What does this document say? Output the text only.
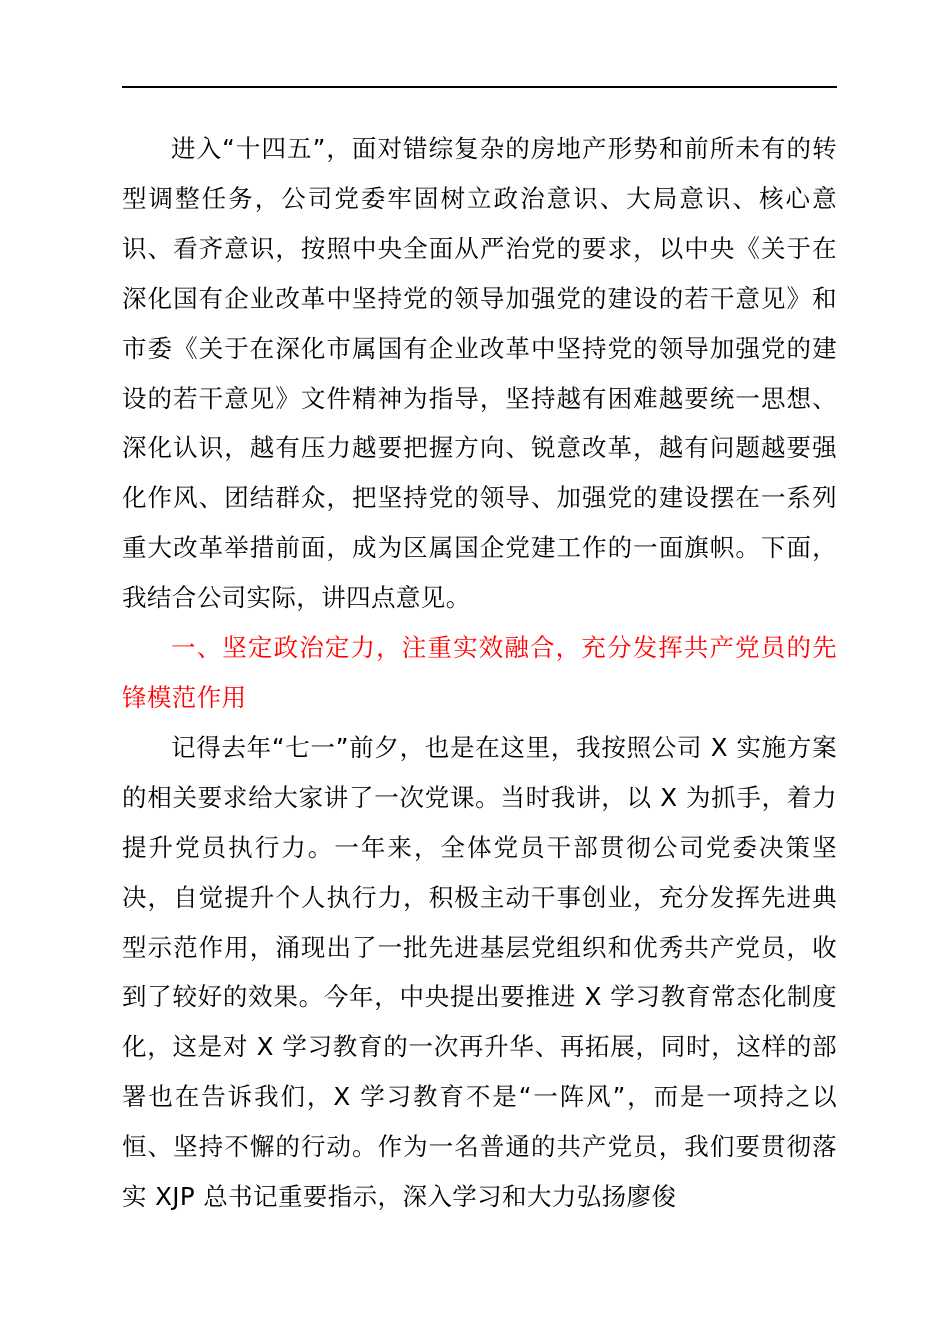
进入“十四五”，面对错综复杂的房地产形势和前所未有的转型调整任务，公司党委牢固树立政治意识、大局意识、核心意识、看齐意识，按照中央全面从严治党的要求，以中央《关于在深化国有企业改革中坚持党的领导加强党的建设的若干意见》和市委《关于在深化市属国有企业改革中坚持党的领导加强党的建设的若干意见》文件精神为指导，坚持越有困难越要统一思想、深化认识，越有压力越要把握方向、锐意改革，越有问题越要强化作风、团结群众，把坚持党的领导、加强党的建设摆在一系列重大改革举措前面，成为区属国企党建工作的一面旗帜。下面，我结合公司实际，讲四点意见。

一、坚定政治定力，注重实效融合，充分发挥共产党员的先锋模范作用

记得去年“七一”前夕，也是在这里，我按照公司 X 实施方案的相关要求给大家讲了一次党课。当时我讲，以 X 为抓手，着力提升党员执行力。一年来，全体党员干部贯彻公司党委决策坚决，自觉提升个人执行力，积极主动干事创业，充分发挥先进典型示范作用，涌现出了一批先进基层党组织和优秀共产党员，收到了较好的效果。今年，中央提出要推进 X 学习教育常态化制度化，这是对 X 学习教育的一次再升华、再拓展，同时，这样的部署也在告诉我们，X 学习教育不是“一阵风”，而是一项持之以恒、坚持不懈的行动。作为一名普通的共产党员，我们要贯彻落实 XJP 总书记重要指示，深入学习和大力弘扬廖俊
